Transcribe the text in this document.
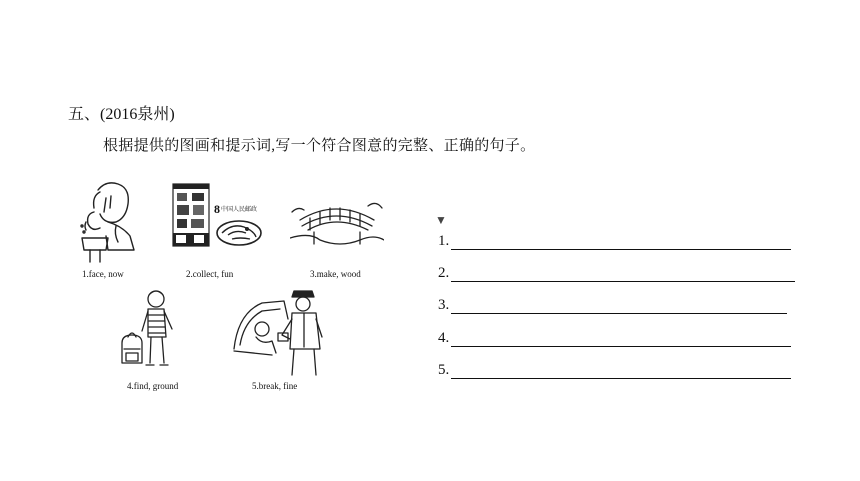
五、(2016泉州)
根据提供的图画和提示词,写一个符合图意的完整、正确的句子。
1.face, now
8 中国人民邮政
2.collect, fun	3.make, wood
4.find, ground	5.break, fine
▼
1.
2.
3.
4.
5.
